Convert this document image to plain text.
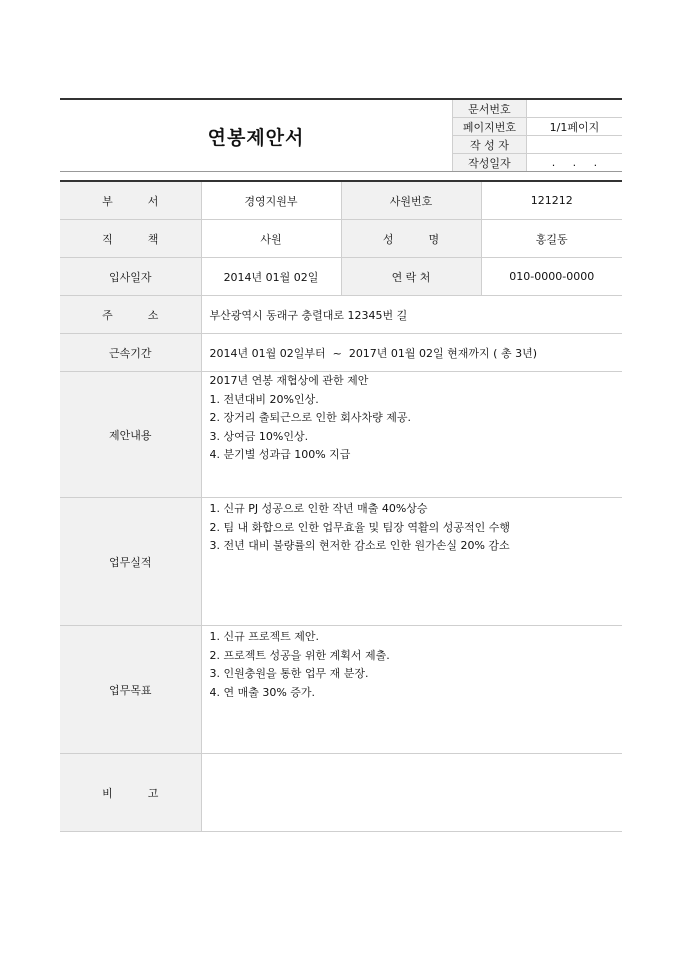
연봉제안서
문서번호	
페이지번호	1/1페이지
작 성 자	
작성일자	.     .     .
부          서	경영지원부	사원번호	121212
직          책	사원	성          명	홍길동
입사일자	2014년 01월 02일	연 락 처	010-0000-0000
주          소	부산광역시 동래구 충렬대로 12345번 길		
근속기간	2014년 01월 02일부터  ~  2017년 01월 02일 현재까지 ( 총 3년)		
제안내용	2017년 연봉 재협상에 관한 제안
1. 전년대비 20%인상.
2. 장거리 출퇴근으로 인한 회사차량 제공.
3. 상여금 10%인상.
4. 분기별 성과급 100% 지급		

업무실적	1. 신규 PJ 성공으로 인한 작년 매출 40%상승
2. 팀 내 화합으로 인한 업무효율 및 팀장 역활의 성공적인 수행
3. 전년 대비 불량률의 현저한 감소로 인한 원가손실 20% 감소		

업무목표	1. 신규 프로젝트 제안.
2. 프로젝트 성공을 위한 계획서 제출.
3. 인원충원을 통한 업무 재 분장.
4. 연 매출 30% 증가.		

비          고			
